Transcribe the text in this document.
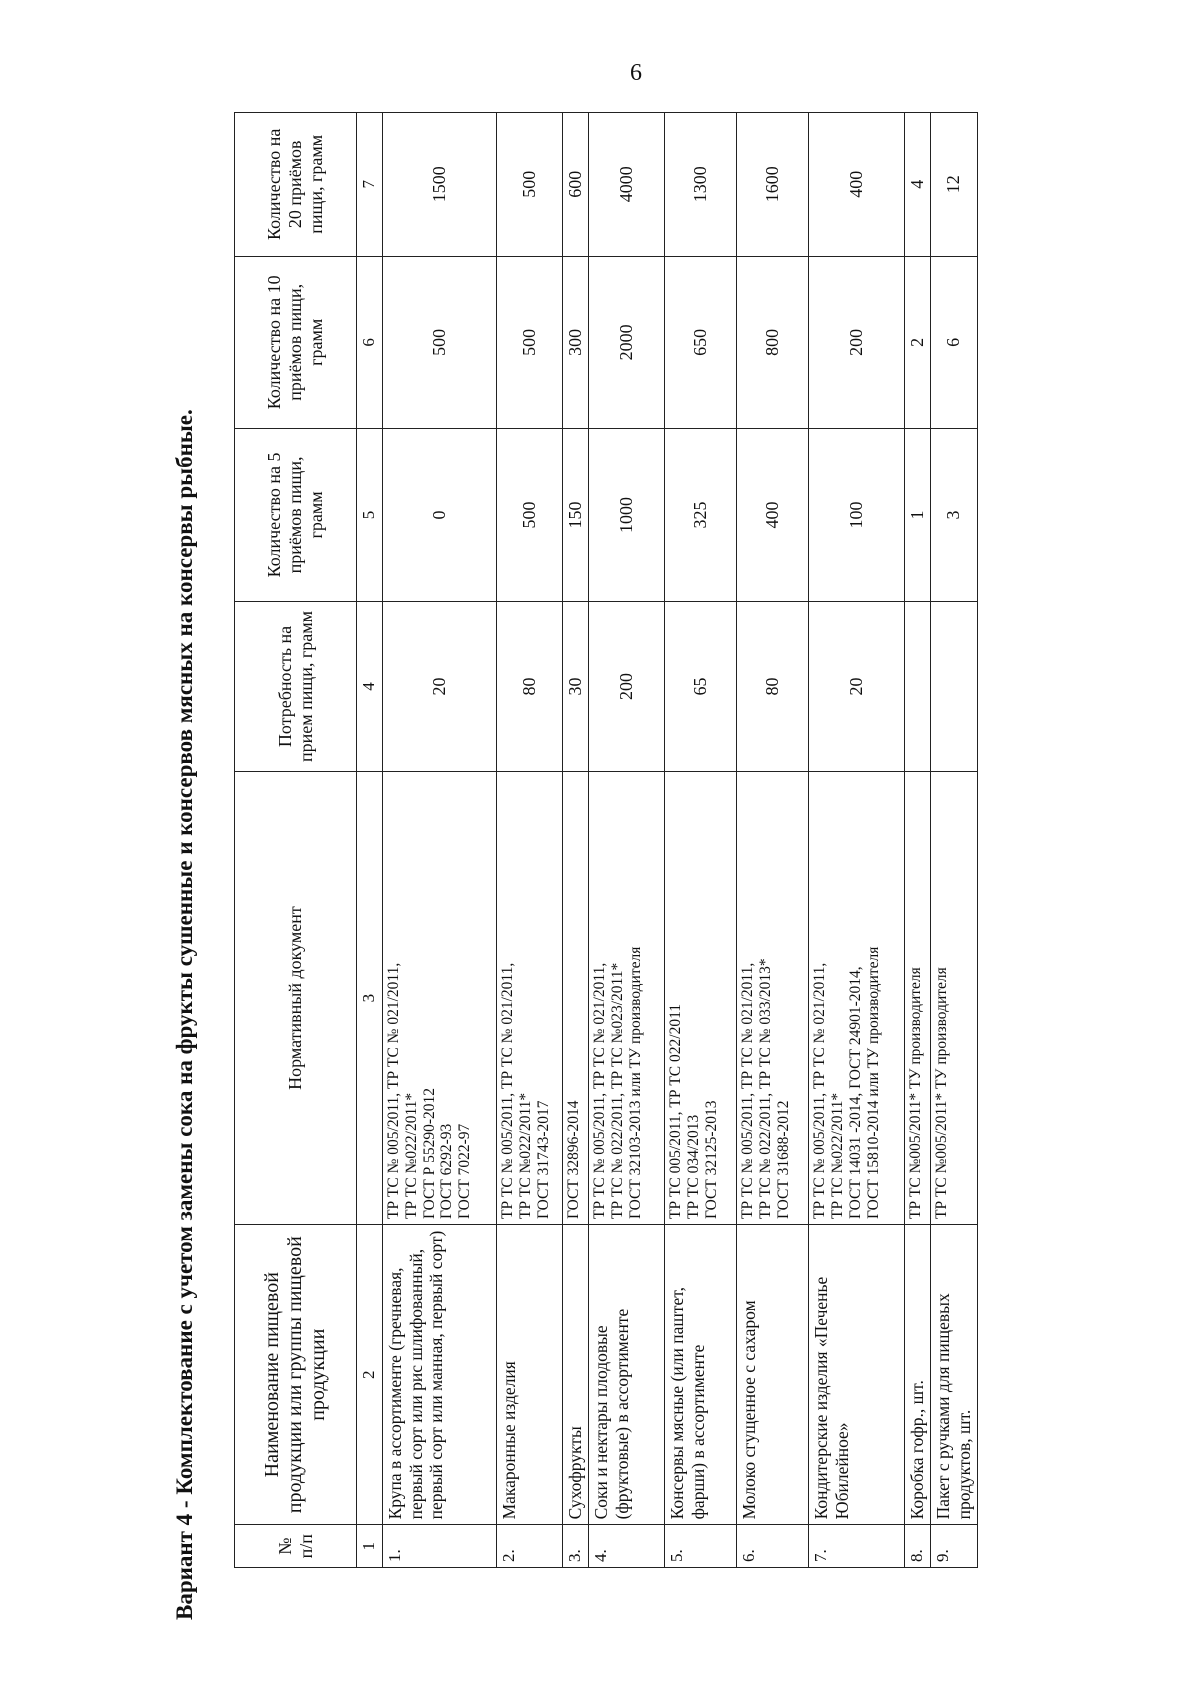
6
Вариант 4 - Комплектование с учетом замены сока на фрукты сушенные и консервов мясных на консервы рыбные.	№ п/п	Наименование пищевой продукции или группы пищевой продукции	Нормативный документ	Потребность на прием пищи, грамм	Количество на 5 приёмов пищи, грамм	Количество на 10 приёмов пищи, грамм	Количество на 20 приёмов пищи, грамм
1	2	3	4	5	6	7
1.	Крупа в ассортименте (гречневая, первый сорт или рис шлифованный, первый сорт или манная, первый сорт)	ТР ТС № 005/2011, ТР ТС № 021/2011, ТР ТС №022/2011* ГОСТ Р 55290-2012 ГОСТ 6292-93 ГОСТ 7022-97	20	0	500	1500
2.	Макаронные изделия	ТР ТС № 005/2011, ТР ТС № 021/2011, ТР ТС №022/2011* ГОСТ 31743-2017	80	500	500	500
3.	Сухофрукты	ГОСТ 32896-2014	30	150	300	600
4.	Соки и нектары плодовые (фруктовые) в ассортименте	ТР ТС № 005/2011, ТР ТС № 021/2011, ТР ТС № 022/2011, ТР ТС №023/2011* ГОСТ 32103-2013 или ТУ производителя	200	1000	2000	4000
5.	Консервы мясные (или паштет, фарши) в ассортименте	ТР ТС 005/2011, ТР ТС 022/2011 ТР ТС 034/2013 ГОСТ 32125-2013	65	325	650	1300
6.	Молоко сгущенное с сахаром	ТР ТС № 005/2011, ТР ТС № 021/2011, ТР ТС № 022/2011, ТР ТС № 033/2013* ГОСТ 31688-2012	80	400	800	1600
7.	Кондитерские изделия «Печенье Юбилейное»	ТР ТС № 005/2011, ТР ТС № 021/2011, ТР ТС №022/2011* ГОСТ 14031 -2014, ГОСТ 24901-2014, ГОСТ 15810-2014 или ТУ производителя	20	100	200	400
8.	Коробка гофр., шт.	ТР ТС №005/2011* ТУ производителя		1	2	4
9.	Пакет с ручками для пищевых продуктов, шт.	ТР ТС №005/2011* ТУ производителя		3	6	12
